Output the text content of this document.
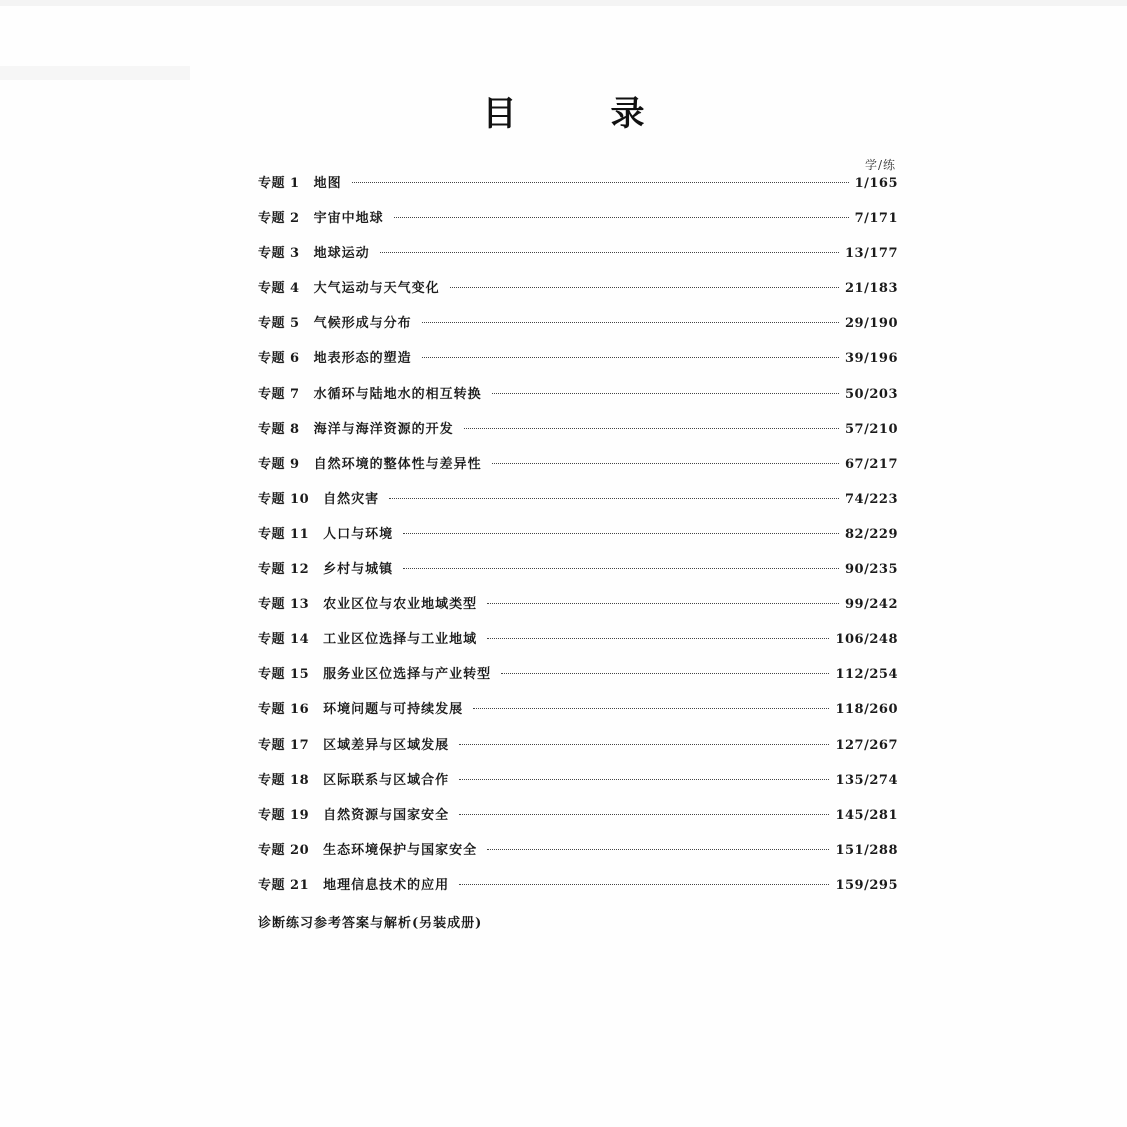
目　录
学/练
专题 1 地图	1/165
专题 2 宇宙中地球	7/171
专题 3 地球运动	13/177
专题 4 大气运动与天气变化	21/183
专题 5 气候形成与分布	29/190
专题 6 地表形态的塑造	39/196
专题 7 水循环与陆地水的相互转换	50/203
专题 8 海洋与海洋资源的开发	57/210
专题 9 自然环境的整体性与差异性	67/217
专题 10 自然灾害	74/223
专题 11 人口与环境	82/229
专题 12 乡村与城镇	90/235
专题 13 农业区位与农业地域类型	99/242
专题 14 工业区位选择与工业地域	106/248
专题 15 服务业区位选择与产业转型	112/254
专题 16 环境问题与可持续发展	118/260
专题 17 区域差异与区域发展	127/267
专题 18 区际联系与区域合作	135/274
专题 19 自然资源与国家安全	145/281
专题 20 生态环境保护与国家安全	151/288
专题 21 地理信息技术的应用	159/295
诊断练习参考答案与解析(另装成册)
